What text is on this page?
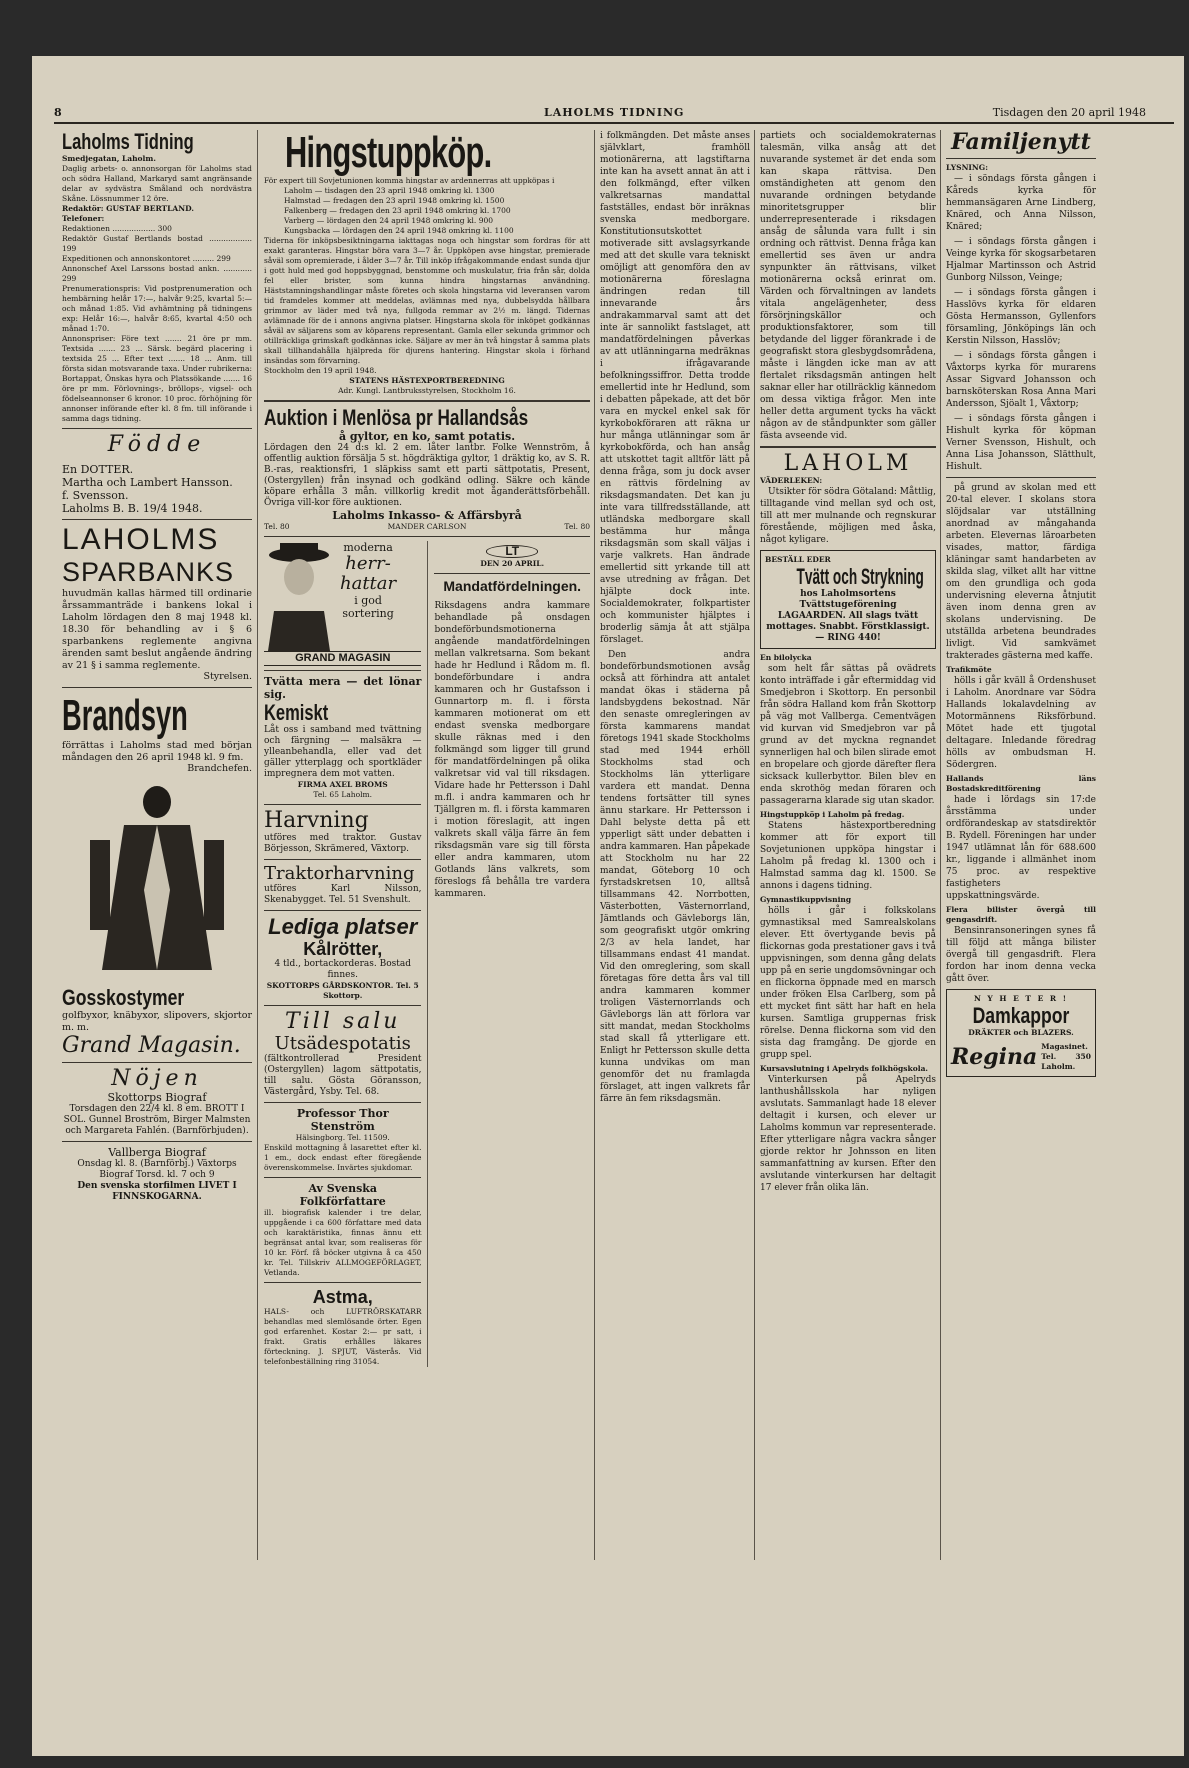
8	LAHOLMS TIDNING	Tisdagen den 20 april 1948
Laholms Tidning
Smedjegatan, Laholm.
Daglig arbets- o. annonsorgan för Laholms stad och södra Halland, Markaryd samt angränsande delar av sydvästra Småland och nordvästra Skåne. Lössnummer 12 öre.
Redaktör: GUSTAF BERTLAND.
Telefoner:
Redaktionen .................. 300
Redaktör Gustaf Bertlands bostad .................. 199
Expeditionen och annonskontoret ......... 299
Annonschef Axel Larssons bostad ankn. ............ 299
Prenumerationspris: Vid postprenumeration och hembärning helår 17:—, halvår 9:25, kvartal 5:— och månad 1:85. Vid avhämtning på tidningens exp: Helår 16:—, halvår 8:65, kvartal 4:50 och månad 1:70.
Annonspriser: Före text ....... 21 öre pr mm. Textsida ....... 23 ... Särsk. begärd placering i textsida 25 ... Efter text ....... 18 ... Anm. till första sidan motsvarande taxa. Under rubrikerna: Bortappat, Önskas hyra och Platssökande ....... 16 öre pr mm. Förlovnings-, bröllops-, vigsel- och födelseannonser 6 kronor. 10 proc. förhöjning för annonser införande efter kl. 8 fm. till införande i samma dags tidning.
Födde
En DOTTER.
Martha och Lambert Hansson.
f. Svensson.
Laholms B. B. 19/4 1948.
LAHOLMS
SPARBANKS
huvudmän kallas härmed till ordinarie årssammanträde i bankens lokal i Laholm lördagen den 8 maj 1948 kl. 18.30 för behandling av i § 6 sparbankens reglemente angivna ärenden samt beslut angående ändring av 21 § i samma reglemente.
Styrelsen.
Brandsyn
förrättas i Laholms stad med början måndagen den 26 april 1948 kl. 9 fm.
Brandchefen.
Gosskostymer
golfbyxor, knäbyxor, slipovers, skjortor m. m.
Grand Magasin.
Nöjen
Skottorps Biograf
Torsdagen den 22/4 kl. 8 em. BROTT I SOL. Gunnel Broström, Birger Malmsten och Margareta Fahlén. (Barnförbjuden).
Vallberga Biograf
Onsdag kl. 8. (Barnförbj.) Växtorps Biograf Torsd. kl. 7 och 9
Den svenska storfilmen LIVET I FINNSKOGARNA.
Hingstuppköp.
För expert till Sovjetunionen komma hingstar av ardennerras att uppköpas i
Laholm — tisdagen den 23 april 1948 omkring kl. 1300
Halmstad — fredagen den 23 april 1948 omkring kl. 1500
Falkenberg — fredagen den 23 april 1948 omkring kl. 1700
Varberg — lördagen den 24 april 1948 omkring kl. 900
Kungsbacka — lördagen den 24 april 1948 omkring kl. 1100
Tiderna för inköpsbesiktningarna iakttagas noga och hingstar som fordras för att exakt garanteras. Hingstar böra vara 3—7 år. Uppköpen avse hingstar, premierade såväl som opremierade, i ålder 3—7 år. Till inköp ifrågakommande endast sunda djur i gott huld med god hoppsbyggnad, benstomme och muskulatur, fria från sår, dolda fel eller brister, som kunna hindra hingstarnas användning. Häststamningshandlingar måste företes och skola hingstarna vid leveransen varom tid framdeles kommer att meddelas, avlämnas med nya, dubbelsydda hållbara grimmor av läder med två nya, fullgoda remmar av 2½ m. längd. Tidernas avlämnade för de i annons angivna platser. Hingstarna skola för inköpet godkännas såväl av säljarens som av köparens representant. Gamla eller sekunda grimmor och otillräckliga grimskaft godkännas icke. Säljare av mer än två hingstar å samma plats skall tillhandahålla hjälpreda för djurens hantering. Hingstar skola i förhand insändas som förvarning.
Stockholm den 19 april 1948.
STATENS HÄSTEXPORTBEREDNING
Adr. Kungl. Lantbruksstyrelsen, Stockholm 16.
Auktion i Menlösa pr Hallandsås
å gyltor, en ko, samt potatis.
Lördagen den 24 d:s kl. 2 em. låter lantbr. Folke Wennström, å offentlig auktion försälja 5 st. högdräktiga gyltor, 1 dräktig ko, av S. R. B.-ras, reaktionsfri, 1 släpkiss samt ett parti sättpotatis, Present, (Ostergyllen) från insynad och godkänd odling. Säkre och kände köpare erhålla 3 mån. villkorlig kredit mot åganderättsförbehåll. Övriga vill-kor före auktionen.
Laholms Inkasso- & Affärsbyrå
Tel. 80	MANDER CARLSON	Tel. 80
moderna
herr-
hattar
i god
sortering
GRAND MAGASIN
Tvätta mera — det lönar sig.
Kemiskt
Låt oss i samband med tvättning och färgning — malsäkra — ylleanbehandla, eller vad det gäller ytterplagg och sportkläder impregnera dem mot vatten.
FIRMA AXEL BROMS
Tel. 65 Laholm.
Harvning
utföres med traktor. Gustav Börjesson, Skrämered, Växtorp.
Traktorharvning
utföres Karl Nilsson, Skenabygget. Tel. 51 Svenshult.
Lediga platser
Kålrötter,
4 tld., bortackorderas. Bostad finnes.
SKOTTORPS GÅRDSKONTOR. Tel. 5 Skottorp.
Till salu
Utsädespotatis
(fältkontrollerad President (Ostergyllen) lagom sättpotatis, till salu. Gösta Göransson, Västergård, Ysby. Tel. 68.
Professor Thor Stenström
Hälsingborg. Tel. 11509.
Enskild mottagning å lasarettet efter kl. 1 em., dock endast efter föregående överenskommelse. Invärtes sjukdomar.
Av Svenska Folkförfattare
ill. biografisk kalender i tre delar, uppgående i ca 600 författare med data och karaktäristika, finnas ännu ett begränsat antal kvar, som realiseras för 10 kr. Förf. få böcker utgivna å ca 450 kr. Tel. Tillskriv ALLMOGEFÖRLAGET, Vetlanda.
Astma,
HALS- och LUFTRÖRSKATARR behandlas med slemlösande örter. Egen god erfarenhet. Kostar 2:— pr satt, i frakt. Gratis erhålles läkares förteckning. J. SPJUT, Västerås. Vid telefonbeställning ring 31054.
LT
DEN 20 APRIL.
Mandatfördelningen.
Riksdagens andra kammare behandlade på onsdagen bondeförbundsmotionerna angående mandatfördelningen mellan valkretsarna. Som bekant hade hr Hedlund i Rådom m. fl. bondeförbundare i andra kammaren och hr Gustafsson i Gunnartorp m. fl. i första kammaren motionerat om ett endast svenska medborgare skulle räknas med i den folkmängd som ligger till grund för mandatfördelningen på olika valkretsar vid val till riksdagen. Vidare hade hr Pettersson i Dahl m.fl. i andra kammaren och hr Tjällgren m. fl. i första kammaren i motion föreslagit, att ingen valkrets skall välja färre än fem riksdagsmän vare sig till första eller andra kammaren, utom Gotlands läns valkrets, som föreslogs få behålla tre vardera kammaren.

i folkmängden. Det måste anses självklart, framhöll motionärerna, att lagstiftarna inte kan ha avsett annat än att i den folkmängd, efter vilken valkretsarnas mandattal fastställes, endast bör inräknas svenska medborgare. Konstitutionsutskottet motiverade sitt avslagsyrkande med att det skulle vara tekniskt omöjligt att genomföra den av motionärerna föreslagna ändringen redan till innevarande års andrakammarval samt att det inte är sannolikt fastslaget, att mandatfördelningen påverkas av att utlänningarna medräknas i ifrågavarande befolkningssiffror. Detta trodde emellertid inte hr Hedlund, som i debatten påpekade, att det bör vara en myckel enkel sak för kyrkobokföraren att räkna ur hur många utlänningar som är kyrkobokförda, och han ansåg att utskottet tagit alltför lätt på denna fråga, som ju dock avser en rättvis fördelning av riksdagsmandaten. Det kan ju inte vara tillfredsställande, att utländska medborgare skall bestämma hur många riksdagsmän som skall väljas i varje valkrets. Han ändrade emellertid sitt yrkande till att avse utredning av frågan. Det hjälpte dock inte. Socialdemokrater, folkpartister och kommunister hjälptes i broderlig sämja åt att stjälpa förslaget.

Den andra bondeförbundsmotionen avsåg också att förhindra att antalet mandat ökas i städerna på landsbygdens bekostnad. När den senaste omregleringen av första kammarens mandat företogs 1941 skade Stockholms stad med 1944 erhöll Stockholms stad och Stockholms län ytterligare vardera ett mandat. Denna tendens fortsätter till synes ännu starkare. Hr Pettersson i Dahl belyste detta på ett ypperligt sätt under debatten i andra kammaren. Han påpekade att Stockholm nu har 22 mandat, Göteborg 10 och fyrstadskretsen 10, alltså tillsammans 42. Norrbotten, Västerbotten, Västernorrland, Jämtlands och Gävleborgs län, som geografiskt utgör omkring 2/3 av hela landet, har tillsammans endast 41 mandat. Vid den omreglering, som skall företagas före detta års val till andra kammaren kommer troligen Västernorrlands och Gävleborgs län att förlora var sitt mandat, medan Stockholms stad skall få ytterligare ett. Enligt hr Pettersson skulle detta kunna undvikas om man genomför det nu framlagda förslaget, att ingen valkrets får färre än fem riksdagsmän.

partiets och socialdemokraternas talesmän, vilka ansåg att det nuvarande systemet är det enda som kan skapa rättvisa. Den omständigheten att genom den nuvarande ordningen betydande minoritetsgrupper blir underrepresenterade i riksdagen ansåg de sålunda vara fullt i sin ordning och rättvist. Denna fråga kan emellertid ses även ur andra synpunkter än rättvisans, vilket motionärerna också erinrat om. Värden och förvaltningen av landets vitala angelägenheter, dess försörjningskällor och produktionsfaktorer, som till betydande del ligger förankrade i de geografiskt stora glesbygdsområdena, måste i längden icke man av att flertalet riksdagsmän antingen helt saknar eller har otillräcklig kännedom om dessa viktiga frågor. Men inte heller detta argument tycks ha väckt någon av de ståndpunkter som gäller fästa avseende vid.

LAHOLM
VÄDERLEKEN:

Utsikter för södra Götaland: Måttlig, tilltagande vind mellan syd och ost, till att mer mulnande och regnskurar förestående, möjligen med åska, något kyligare.

BESTÄLL EDER
Tvätt och Strykning
hos Laholmsortens Tvättstugeförening LAGAARDEN. All slags tvätt mottages. Snabbt. Förstklassigt. — RING 440!
En bilolycka

som helt får sättas på ovädrets konto inträffade i går eftermiddag vid Smedjebron i Skottorp. En personbil från södra Halland kom från Skottorp på väg mot Vallberga. Cementvägen vid kurvan vid Smedjebron var på grund av det myckna regnandet synnerligen hal och bilen slirade emot en bropelare och gjorde därefter flera sicksack kullerbyttor. Bilen blev en enda skrothög medan föraren och passagerarna klarade sig utan skador.

Hingstuppköp i Laholm på fredag.

Statens hästexportberedning kommer att för export till Sovjetunionen uppköpa hingstar i Laholm på fredag kl. 1300 och i Halmstad samma dag kl. 1500. Se annons i dagens tidning.

Gymnastikuppvisning

hölls i går i folkskolans gymnastiksal med Samrealskolans elever. Ett övertygande bevis på flickornas goda prestationer gavs i två uppvisningen, som denna gång delats upp på en serie ungdomsövningar och en flickorna öppnade med en marsch under fröken Elsa Carlberg, som på ett mycket fint sätt har haft en hela kursen. Samtliga gruppernas frisk rörelse. Denna flickorna som vid den sista dag framgång. De gjorde en grupp spel.

Kursavslutning i Apelryds folkhögskola.

Vinterkursen på Apelryds lanthushållsskola har nyligen avslutats. Sammanlagt hade 18 elever deltagit i kursen, och elever ur Laholms kommun var representerade. Efter ytterligare några vackra sånger gjorde rektor hr Johnsson en liten sammanfattning av kursen. Efter den avslutande vinterkursen har deltagit 17 elever från olika län.

Familjenytt
LYSNING:

— i söndags första gången i Kåreds kyrka för hemmansägaren Arne Lindberg, Knäred, och Anna Nilsson, Knäred;

— i söndags första gången i Veinge kyrka för skogsarbetaren Hjalmar Martinsson och Astrid Gunborg Nilsson, Veinge;

— i söndags första gången i Hasslövs kyrka för eldaren Gösta Hermansson, Gyllenfors församling, Jönköpings län och Kerstin Nilsson, Hasslöv;

— i söndags första gången i Våxtorps kyrka för murarens Assar Sigvard Johansson och barnsköterskan Rosa Anna Mari Andersson, Sjöalt 1, Våxtorp;

— i söndags första gången i Hishult kyrka för köpman Verner Svensson, Hishult, och Anna Lisa Johansson, Slätthult, Hishult.

på grund av skolan med ett 20-tal elever. I skolans stora slöjdsalar var utställning anordnad av mångahanda arbeten. Elevernas läroarbeten visades, mattor, färdiga kläningar samt handarbeten av skilda slag, vilket allt har vittne om den grundliga och goda undervisning eleverna åtnjutit även inom denna gren av skolans undervisning. De utställda arbetena beundrades livligt. Vid samkvämet trakterades gästerna med kaffe.

Trafikmöte

hölls i går kväll å Ordenshuset i Laholm. Anordnare var Södra Hallands lokalavdelning av Motormännens Riksförbund. Mötet hade ett tjugotal deltagare. Inledande föredrag hölls av ombudsman H. Södergren.

Hallands läns Bostadskreditförening

hade i lördags sin 17:de årsstämma under ordförandeskap av statsdirektör B. Rydell. Föreningen har under 1947 utlämnat lån för 688.600 kr., liggande i allmänhet inom 75 proc. av respektive fastigheters uppskattningsvärde.

Flera bilister övergå till gengasdrift.

Bensinransoneringen synes få till följd att många bilister övergå till gengasdrift. Flera fordon har inom denna vecka gått över.

N Y H E T E R !
Damkappor
DRÄKTER och BLAZERS.
Regina Magasinet. Tel. 350 Laholm.
